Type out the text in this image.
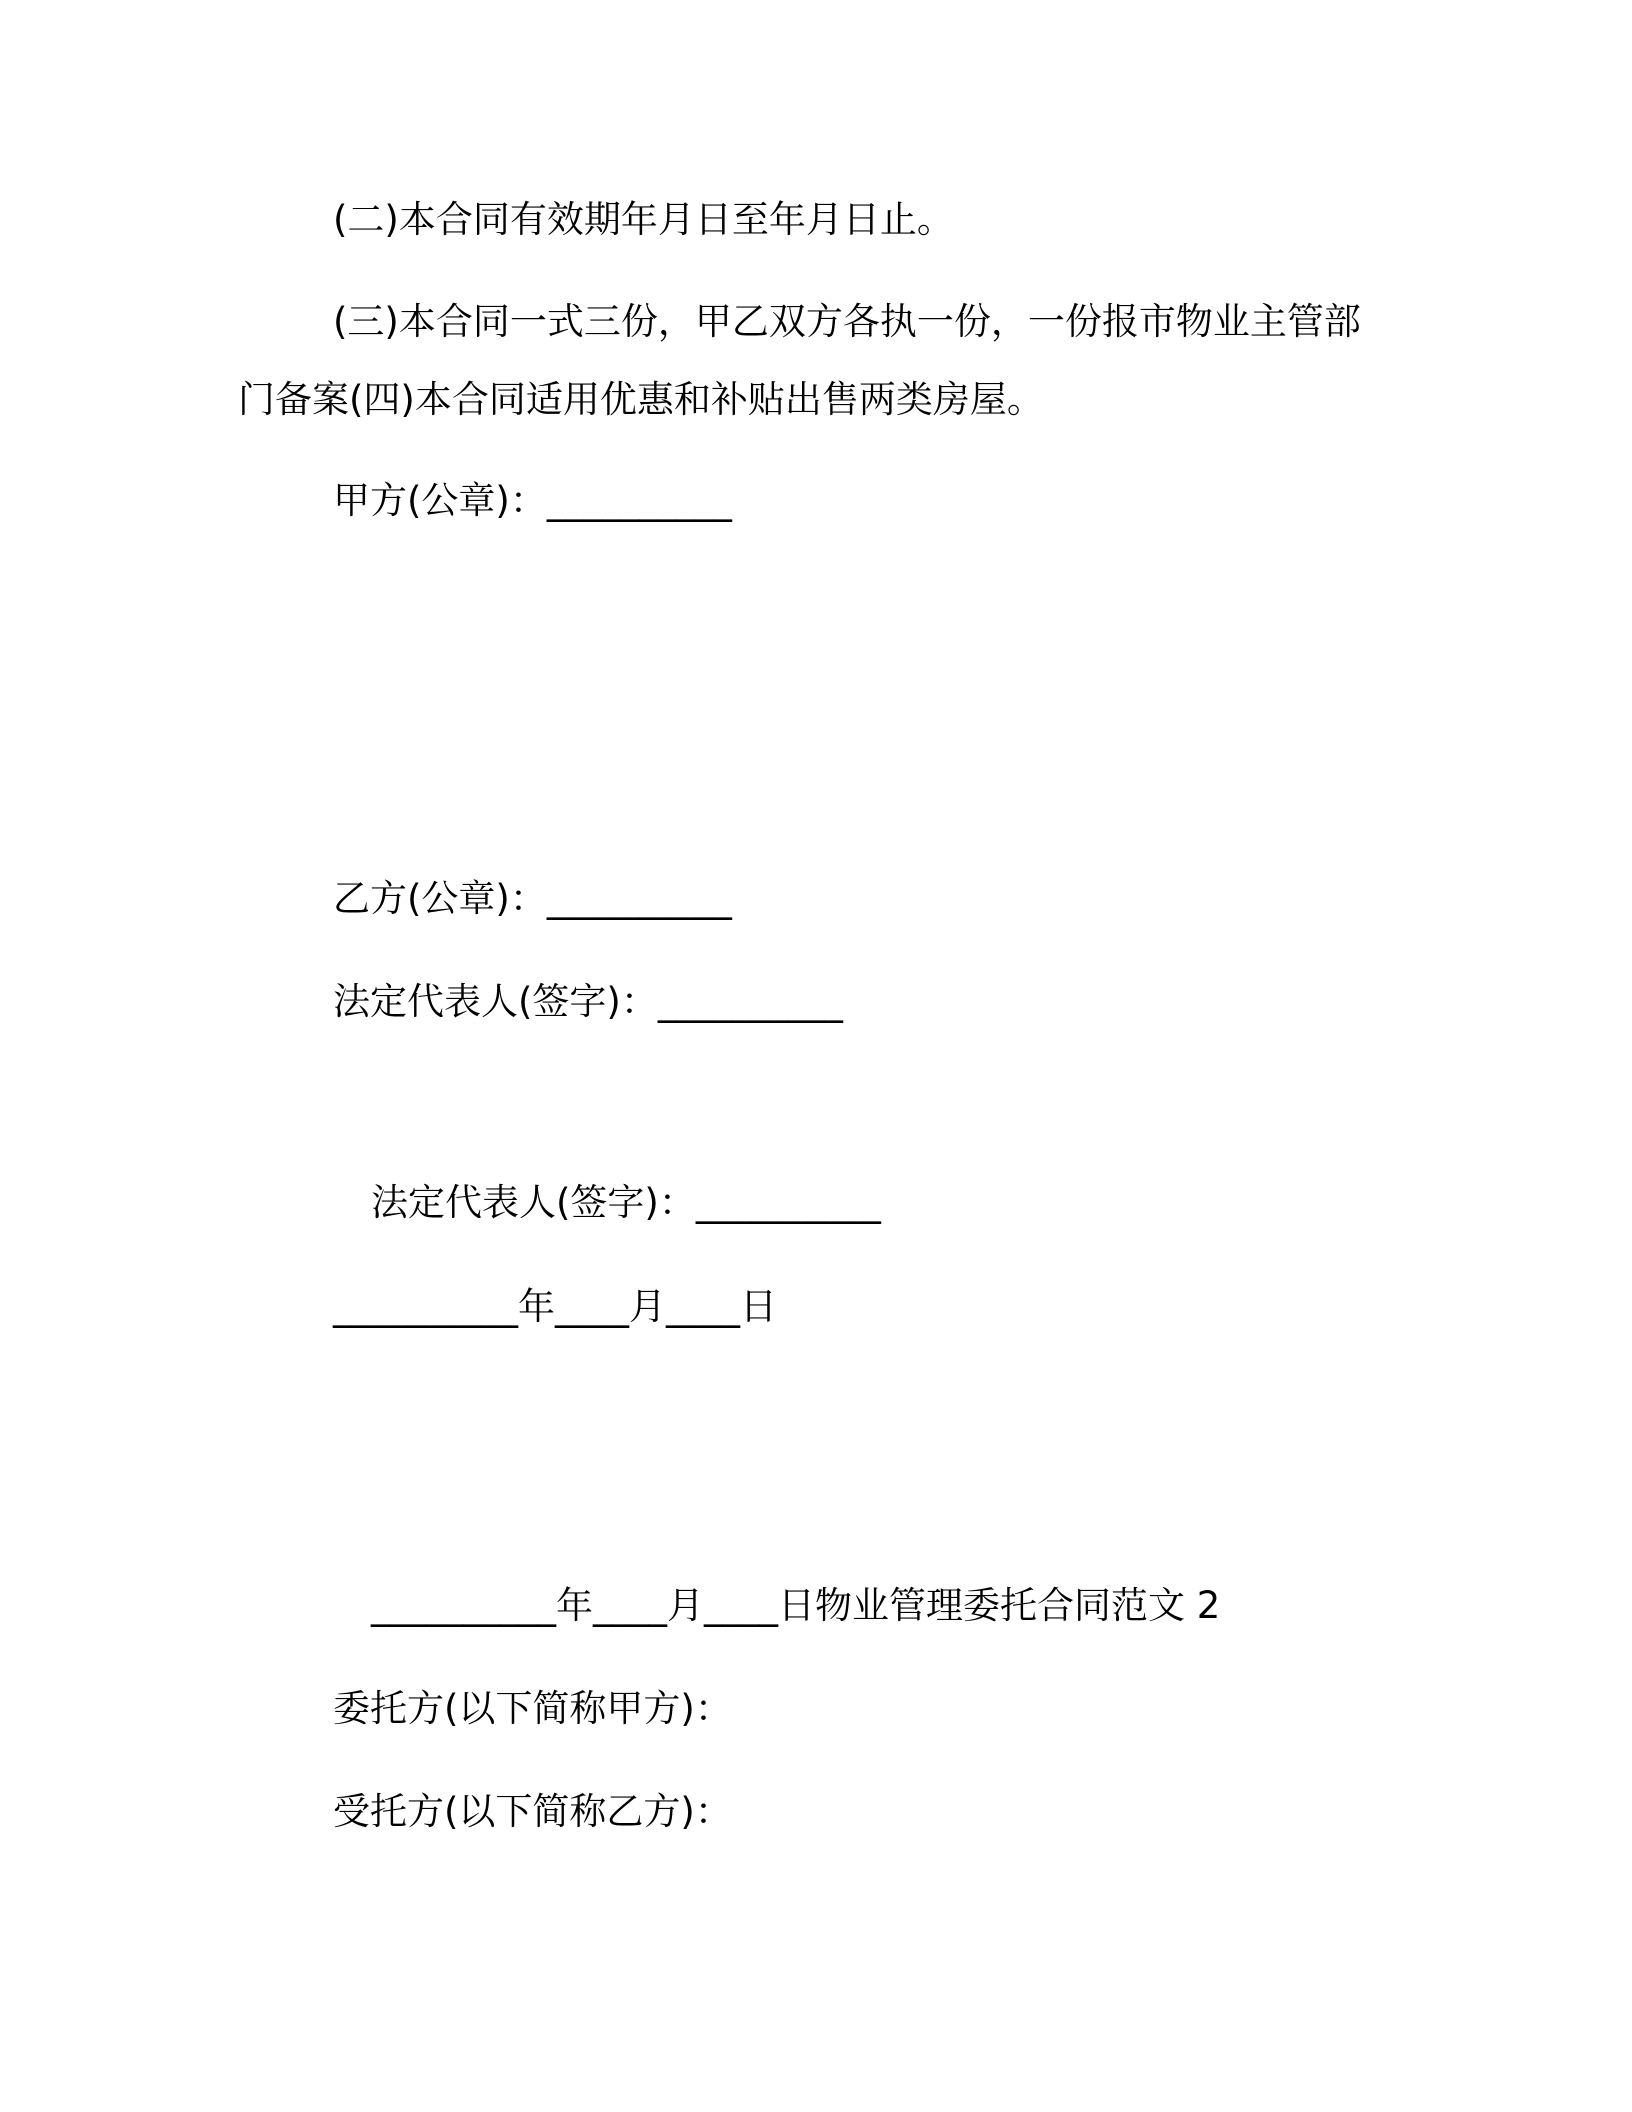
(二)本合同有效期年月日至年月日止。
(三)本合同一式三份，甲乙双方各执一份，一份报市物业主管部
门备案(四)本合同适用优惠和补贴出售两类房屋。
甲方(公章)：__________
乙方(公章)：__________
法定代表人(签字)：__________
法定代表人(签字)：__________
__________年____月____日
__________年____月____日物业管理委托合同范文 2
委托方(以下简称甲方)：
受托方(以下简称乙方)：
